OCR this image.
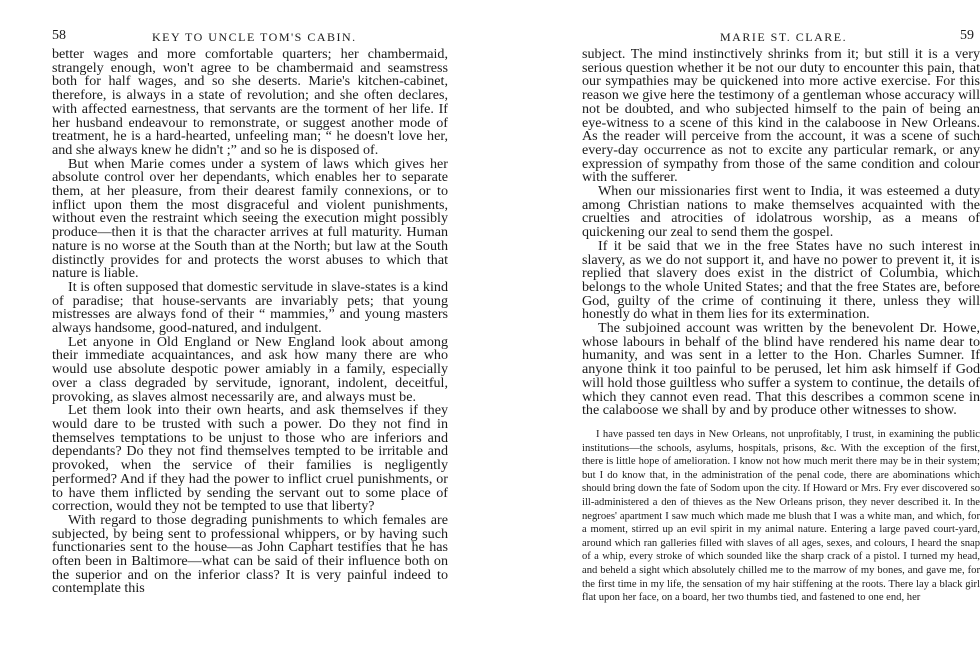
58	KEY TO UNCLE TOM'S CABIN.

better wages and more comfortable quarters; her chambermaid, strangely enough, won't agree to be chambermaid and seamstress both for half wages, and so she deserts. Marie's kitchen-cabinet, therefore, is always in a state of revolution; and she often declares, with affected earnestness, that servants are the torment of her life. If her husband endeavour to remonstrate, or suggest another mode of treatment, he is a hard-hearted, unfeeling man; “ he doesn't love her, and she always knew he didn't ;” and so he is disposed of.

But when Marie comes under a system of laws which gives her absolute control over her dependants, which enables her to separate them, at her pleasure, from their dearest family connexions, or to inflict upon them the most disgraceful and violent punishments, without even the restraint which seeing the execution might possibly produce—then it is that the character arrives at full maturity. Human nature is no worse at the South than at the North; but law at the South distinctly provides for and protects the worst abuses to which that nature is liable.

It is often supposed that domestic servitude in slave-states is a kind of paradise; that house-servants are invariably pets; that young mistresses are always fond of their “ mammies,” and young masters always handsome, good-natured, and indulgent.

Let anyone in Old England or New England look about among their immediate acquaintances, and ask how many there are who would use absolute despotic power amiably in a family, especially over a class degraded by servitude, ignorant, indolent, deceitful, provoking, as slaves almost necessarily are, and always must be.

Let them look into their own hearts, and ask themselves if they would dare to be trusted with such a power. Do they not find in themselves temptations to be unjust to those who are inferiors and dependants? Do they not find themselves tempted to be irritable and provoked, when the service of their families is negligently performed? And if they had the power to inflict cruel punishments, or to have them inflicted by sending the servant out to some place of correction, would they not be tempted to use that liberty?

With regard to those degrading punishments to which females are subjected, by being sent to professional whippers, or by having such functionaries sent to the house—as John Caphart testifies that he has often been in Baltimore—what can be said of their influence both on the superior and on the inferior class? It is very painful indeed to contemplate this

MARIE ST. CLARE.	59

subject. The mind instinctively shrinks from it; but still it is a very serious question whether it be not our duty to encounter this pain, that our sympathies may be quickened into more active exercise. For this reason we give here the testimony of a gentleman whose accuracy will not be doubted, and who subjected himself to the pain of being an eye-witness to a scene of this kind in the calaboose in New Orleans. As the reader will perceive from the account, it was a scene of such every-day occurrence as not to excite any particular remark, or any expression of sympathy from those of the same condition and colour with the sufferer.

When our missionaries first went to India, it was esteemed a duty among Christian nations to make themselves acquainted with the cruelties and atrocities of idolatrous worship, as a means of quickening our zeal to send them the gospel.

If it be said that we in the free States have no such interest in slavery, as we do not support it, and have no power to prevent it, it is replied that slavery does exist in the district of Columbia, which belongs to the whole United States; and that the free States are, before God, guilty of the crime of continuing it there, unless they will honestly do what in them lies for its extermination.

The subjoined account was written by the benevolent Dr. Howe, whose labours in behalf of the blind have rendered his name dear to humanity, and was sent in a letter to the Hon. Charles Sumner. If anyone think it too painful to be perused, let him ask himself if God will hold those guiltless who suffer a system to continue, the details of which they cannot even read. That this describes a common scene in the calaboose we shall by and by produce other witnesses to show.

I have passed ten days in New Orleans, not unprofitably, I trust, in examining the public institutions—the schools, asylums, hospitals, prisons, &c. With the exception of the first, there is little hope of amelioration. I know not how much merit there may be in their system; but I do know that, in the administration of the penal code, there are abominations which should bring down the fate of Sodom upon the city. If Howard or Mrs. Fry ever discovered so ill-administered a den of thieves as the New Orleans prison, they never described it. In the negroes' apartment I saw much which made me blush that I was a white man, and which, for a moment, stirred up an evil spirit in my animal nature. Entering a large paved court-yard, around which ran galleries filled with slaves of all ages, sexes, and colours, I heard the snap of a whip, every stroke of which sounded like the sharp crack of a pistol. I turned my head, and beheld a sight which absolutely chilled me to the marrow of my bones, and gave me, for the first time in my life, the sensation of my hair stiffening at the roots. There lay a black girl flat upon her face, on a board, her two thumbs tied, and fastened to one end, her
